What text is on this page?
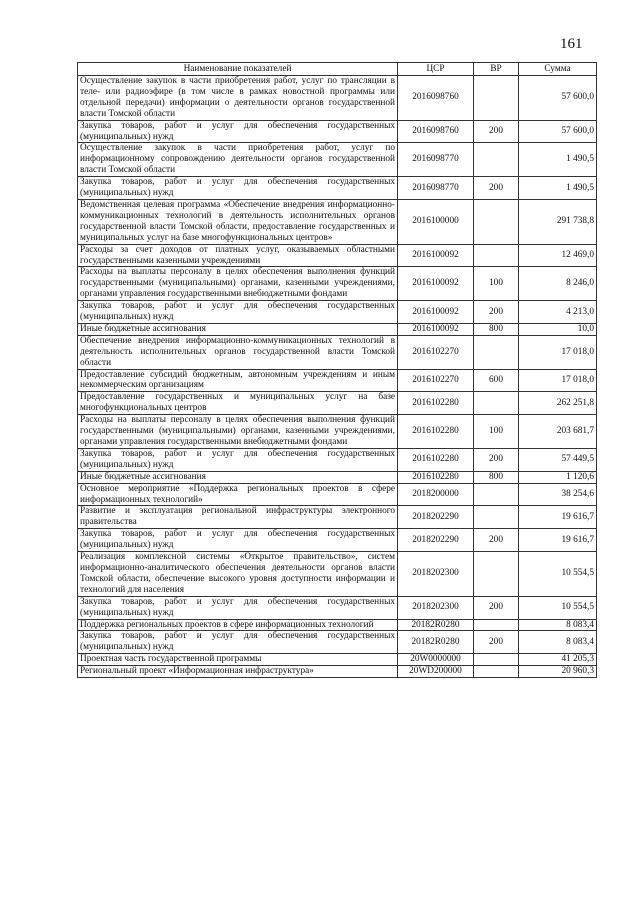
161
Наименование показателей	ЦСР	ВР	Сумма
Осуществление закупок в части приобретения работ, услуг по трансляции в теле- или радиоэфире (в том числе в рамках новостной программы или отдельной передачи) информации о деятельности органов государственной власти Томской области	2016098760		57 600,0
Закупка товаров, работ и услуг для обеспечения государственных (муниципальных) нужд	2016098760	200	57 600,0
Осуществление закупок в части приобретения работ, услуг по информационному сопровождению деятельности органов государственной власти Томской области	2016098770		1 490,5
Закупка товаров, работ и услуг для обеспечения государственных (муниципальных) нужд	2016098770	200	1 490,5
Ведомственная целевая программа «Обеспечение внедрения информационно-коммуникационных технологий в деятельность исполнительных органов государственной власти Томской области, предоставление государственных и муниципальных услуг на базе многофункциональных центров»	2016100000		291 738,8
Расходы за счет доходов от платных услуг, оказываемых областными государственными казенными учреждениями	2016100092		12 469,0
Расходы на выплаты персоналу в целях обеспечения выполнения функций государственными (муниципальными) органами, казенными учреждениями, органами управления государственными внебюджетными фондами	2016100092	100	8 246,0
Закупка товаров, работ и услуг для обеспечения государственных (муниципальных) нужд	2016100092	200	4 213,0
Иные бюджетные ассигнования	2016100092	800	10,0
Обеспечение внедрения информационно-коммуникационных технологий в деятельность исполнительных органов государственной власти Томской области	2016102270		17 018,0
Предоставление субсидий бюджетным, автономным учреждениям и иным некоммерческим организациям	2016102270	600	17 018,0
Предоставление государственных и муниципальных услуг на базе многофункциональных центров	2016102280		262 251,8
Расходы на выплаты персоналу в целях обеспечения выполнения функций государственными (муниципальными) органами, казенными учреждениями, органами управления государственными внебюджетными фондами	2016102280	100	203 681,7
Закупка товаров, работ и услуг для обеспечения государственных (муниципальных) нужд	2016102280	200	57 449,5
Иные бюджетные ассигнования	2016102280	800	1 120,6
Основное мероприятие «Поддержка региональных проектов в сфере информационных технологий»	2018200000		38 254,6
Развитие и эксплуатация региональной инфраструктуры электронного правительства	2018202290		19 616,7
Закупка товаров, работ и услуг для обеспечения государственных (муниципальных) нужд	2018202290	200	19 616,7
Реализация комплексной системы «Открытое правительство», систем информационно-аналитического обеспечения деятельности органов власти Томской области, обеспечение высокого уровня доступности информации и технологий для населения	2018202300		10 554,5
Закупка товаров, работ и услуг для обеспечения государственных (муниципальных) нужд	2018202300	200	10 554,5
Поддержка региональных проектов в сфере информационных технологий	20182R0280		8 083,4
Закупка товаров, работ и услуг для обеспечения государственных (муниципальных) нужд	20182R0280	200	8 083,4
Проектная часть государственной программы	20W0000000		41 205,3
Региональный проект «Информационная инфраструктура»	20WD200000		20 960,3
